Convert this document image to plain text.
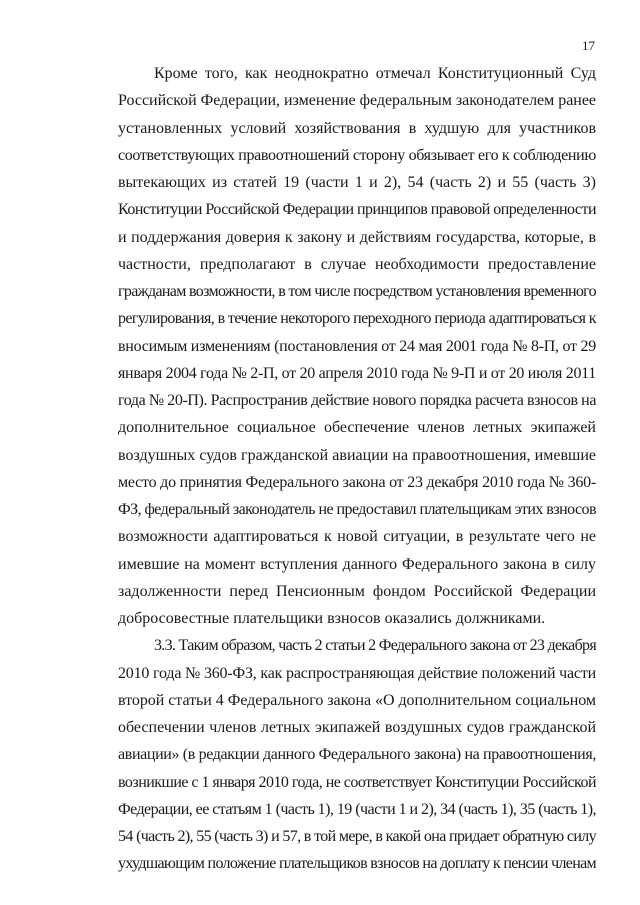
17
Кроме того, как неоднократно отмечал Конституционный Суд
Российской Федерации, изменение федеральным законодателем ранее
установленных условий хозяйствования в худшую для участников
соответствующих правоотношений сторону обязывает его к соблюдению
вытекающих из статей 19 (части 1 и 2), 54 (часть 2) и 55 (часть 3)
Конституции Российской Федерации принципов правовой определенности
и поддержания доверия к закону и действиям государства, которые, в
частности, предполагают в случае необходимости предоставление
гражданам возможности, в том числе посредством установления временного
регулирования, в течение некоторого переходного периода адаптироваться к
вносимым изменениям (постановления от 24 мая 2001 года № 8-П, от 29
января 2004 года № 2-П, от 20 апреля 2010 года № 9-П и от 20 июля 2011
года № 20-П). Распространив действие нового порядка расчета взносов на
дополнительное социальное обеспечение членов летных экипажей
воздушных судов гражданской авиации на правоотношения, имевшие
место до принятия Федерального закона от 23 декабря 2010 года № 360-
ФЗ, федеральный законодатель не предоставил плательщикам этих взносов
возможности адаптироваться к новой ситуации, в результате чего не
имевшие на момент вступления данного Федерального закона в силу
задолженности перед Пенсионным фондом Российской Федерации
добросовестные плательщики взносов оказались должниками.
3.3. Таким образом, часть 2 статьи 2 Федерального закона от 23 декабря
2010 года № 360-ФЗ, как распространяющая действие положений части
второй статьи 4 Федерального закона «О дополнительном социальном
обеспечении членов летных экипажей воздушных судов гражданской
авиации» (в редакции данного Федерального закона) на правоотношения,
возникшие с 1 января 2010 года, не соответствует Конституции Российской
Федерации, ее статьям 1 (часть 1), 19 (части 1 и 2), 34 (часть 1), 35 (часть 1),
54 (часть 2), 55 (часть 3) и 57, в той мере, в какой она придает обратную силу
ухудшающим положение плательщиков взносов на доплату к пенсии членам
